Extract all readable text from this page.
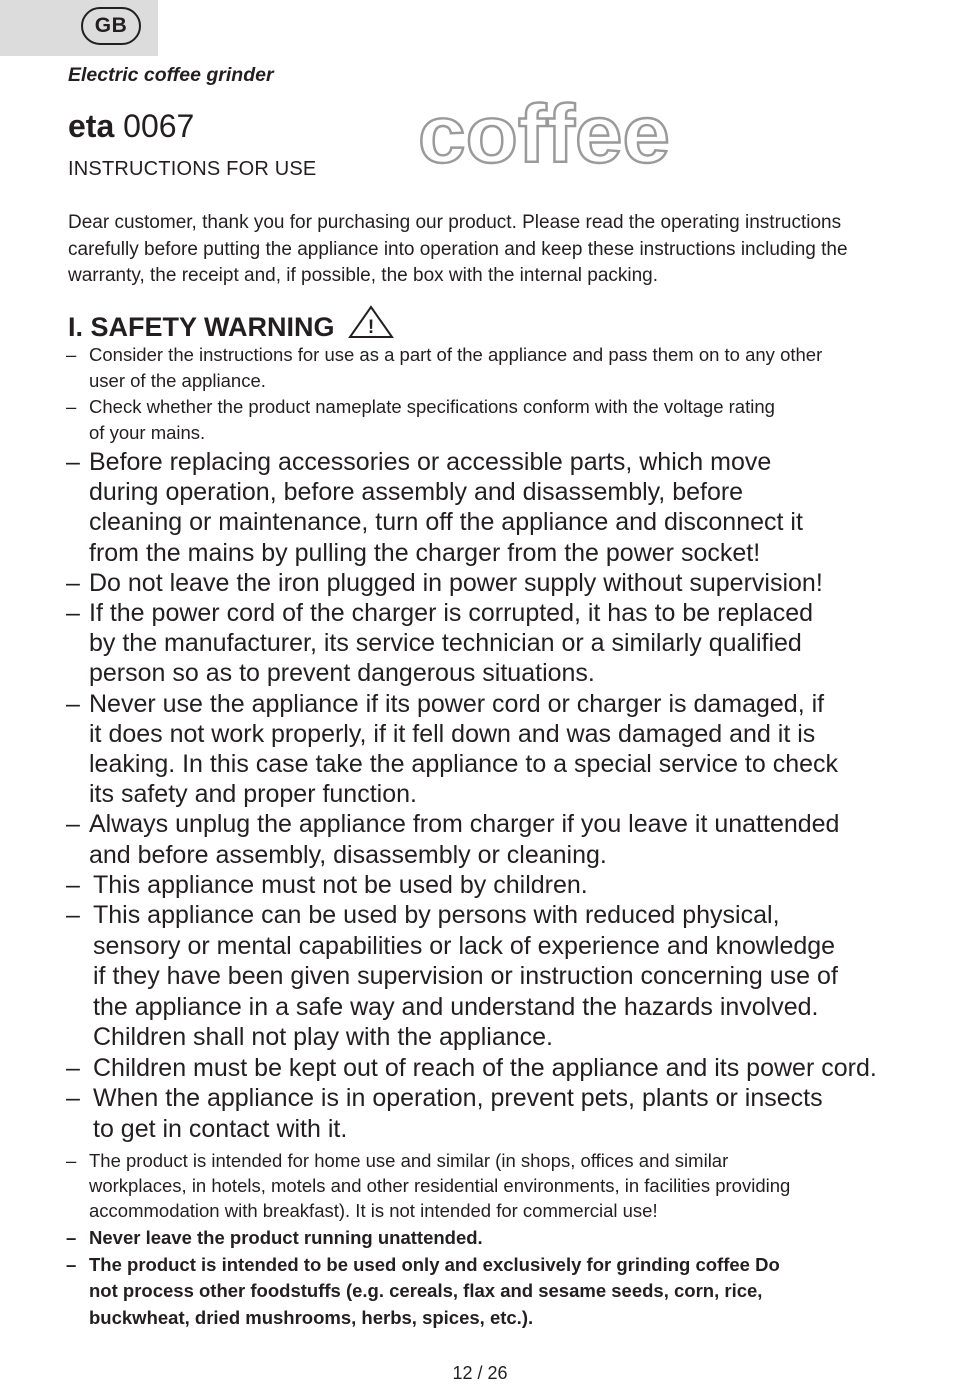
GB
Electric coffee grinder
eta 0067
INSTRUCTIONS FOR USE coffee
Dear customer, thank you for purchasing our product. Please read the operating instructions
carefully before putting the appliance into operation and keep these instructions including the
warranty, the receipt and, if possible, the box with the internal packing.
I. SAFETY WARNING !
– Consider the instructions for use as a part of the appliance and pass them on to any other
user of the appliance.
– Check whether the product nameplate specifications conform with the voltage rating
of your mains.
– Before replacing accessories or accessible parts, which move
during operation, before assembly and disassembly, before
cleaning or maintenance, turn off the appliance and disconnect it
from the mains by pulling the charger from the power socket!
– Do not leave the iron plugged in power supply without supervision!
– If the power cord of the charger is corrupted, it has to be replaced
by the manufacturer, its service technician or a similarly qualified
person so as to prevent dangerous situations.
– Never use the appliance if its power cord or charger is damaged, if
it does not work properly, if it fell down and was damaged and it is
leaking. In this case take the appliance to a special service to check
its safety and proper function.
– Always unplug the appliance from charger if you leave it unattended
and before assembly, disassembly or cleaning.
– This appliance must not be used by children.
– This appliance can be used by persons with reduced physical,
sensory or mental capabilities or lack of experience and knowledge
if they have been given supervision or instruction concerning use of
the appliance in a safe way and understand the hazards involved.
Children shall not play with the appliance.
– Children must be kept out of reach of the appliance and its power cord.
– When the appliance is in operation, prevent pets, plants or insects
to get in contact with it.
– The product is intended for home use and similar (in shops, offices and similar
workplaces, in hotels, motels and other residential environments, in facilities providing
accommodation with breakfast). It is not intended for commercial use!
– Never leave the product running unattended.
– The product is intended to be used only and exclusively for grinding coffee Do
not process other foodstuffs (e.g. cereals, flax and sesame seeds, corn, rice,
buckwheat, dried mushrooms, herbs, spices, etc.).
12 / 26
